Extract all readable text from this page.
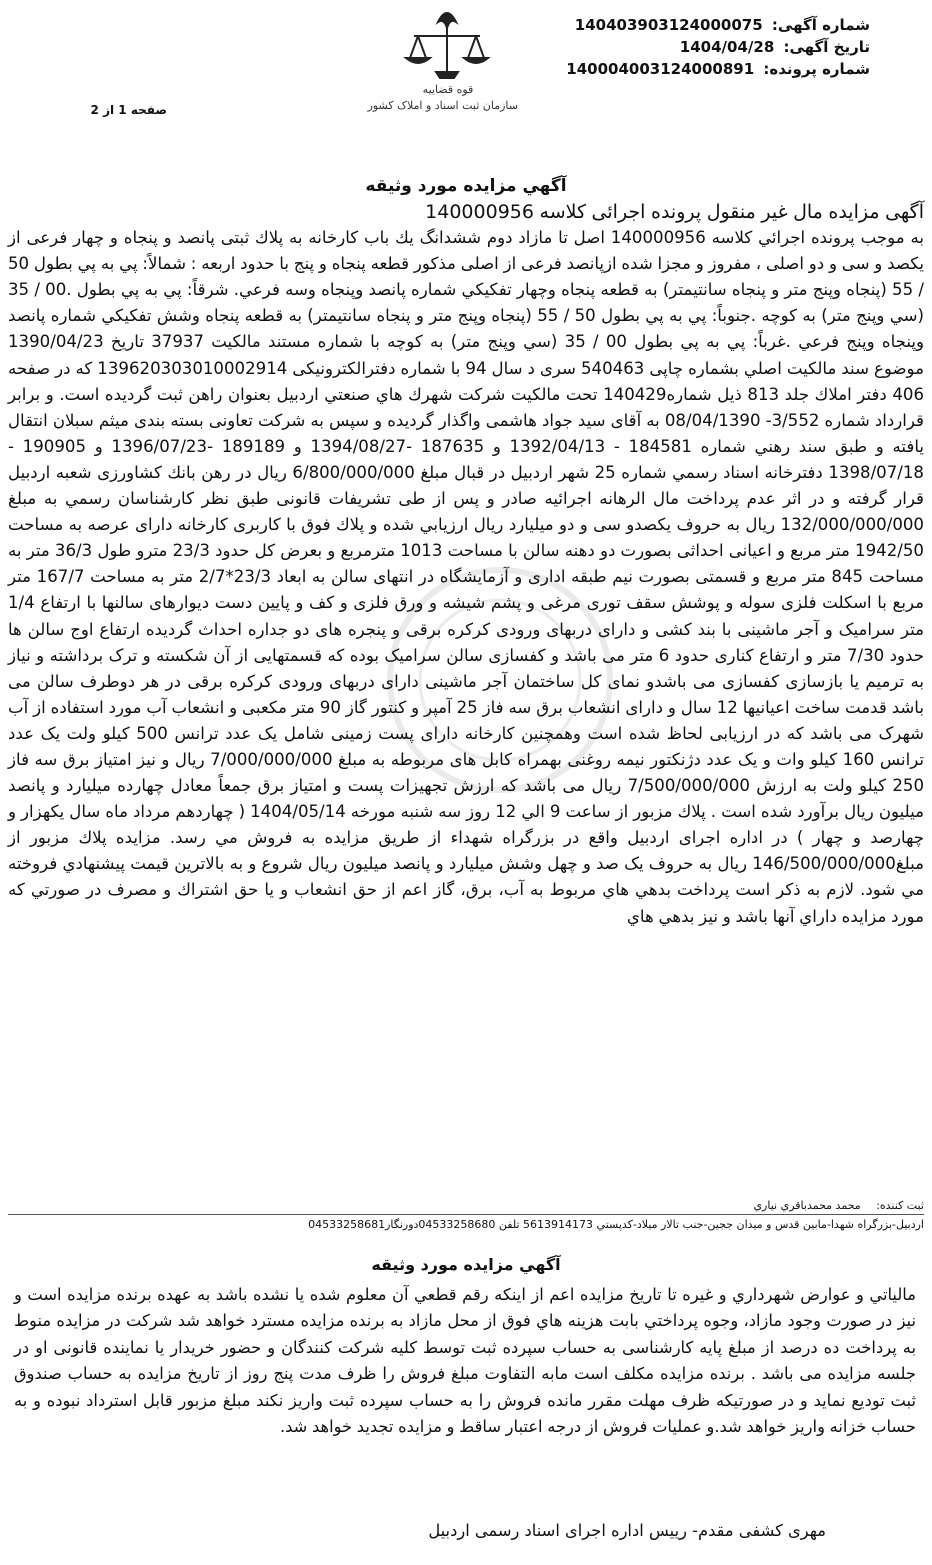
شماره آگهی: 140403903124000075
تاریخ آگهی: 1404/04/28
شماره پرونده: 140004003124000891
صفحه 1 از 2
قوه قضاییه
سازمان ثبت اسناد و املاک کشور
آگهي مزايده مورد وثيقه

آگهی مزايده مال غير منقول پرونده اجرائی کلاسه 140000956

به موجب پرونده اجرائي كلاسه 140000956 اصل تا مازاد دوم ششدانگ يك باب كارخانه به پلاك ثبتی پانصد و پنجاه و چهار فرعی از يکصد و سی و دو اصلی ، مفروز و مجزا شده ازپانصد فرعی از اصلی مذکور قطعه پنجاه و پنج با حدود اربعه : شمالاً: پي به پي بطول 50 / 55 (پنجاه وپنج متر و پنجاه سانتيمتر) به قطعه پنجاه وچهار تفكيكي شماره پانصد وپنجاه وسه فرعي. شرقاً: پي به پي بطول .00 / 35 (سي وپنج متر) به كوچه .جنوباً: پي به پي بطول 50 / 55 (پنجاه وپنج متر و پنجاه سانتيمتر) به قطعه پنجاه وشش تفكيكي شماره پانصد وپنجاه وپنج فرعي .غرباً: پي به پي بطول 00 / 35 (سي وپنج متر) به كوچه با شماره مستند مالكيت 37937 تاريخ 1390/04/23 موضوع سند مالكيت اصلي بشماره چاپی 540463 سری د سال 94 با شماره دفترالکترونیکی 139620303010002914 که در صفحه 406 دفتر املاك جلد 813 ذيل شماره140429 تحت مالكيت شركت شهرك هاي صنعتي اردبيل بعنوان راهن ثبت گرديده است. و برابر قرارداد شماره 3/552- 08/04/1390 به آقای سيد جواد هاشمی واگذار گرديده و سپس به شركت تعاونی بسته بندی ميثم سبلان انتقال يافته و طبق سند رهني شماره 184581 - 1392/04/13 و 187635 -1394/08/27 و 189189 -1396/07/23 و 190905 - 1398/07/18 دفترخانه اسناد رسمي شماره 25 شهر اردبيل در قبال مبلغ 6/800/000/000 ريال در رهن بانك كشاورزی شعبه اردبيل قرار گرفته و در اثر عدم پرداخت مال الرهانه اجرائيه صادر و پس از طی تشريفات قانونی طبق نظر كارشناسان رسمي به مبلغ 132/000/000/000 ريال به حروف يکصدو سی و دو ميليارد ريال ارزيابي شده و پلاك فوق با كاربری كارخانه دارای عرصه به مساحت 1942/50 متر مربع و اعيانی احداثی بصورت دو دهنه سالن با مساحت 1013 مترمربع و بعرض كل حدود 23/3 مترو طول 36/3 متر به مساحت 845 متر مربع و قسمتی بصورت نيم طبقه اداری و آزمايشگاه در انتهای سالن به ابعاد 23/3*2/7 متر به مساحت 167/7 متر مربع با اسكلت فلزی سوله و پوشش سقف توری مرغی و پشم شيشه و ورق فلزی و كف و پايين دست ديوارهای سالنها با ارتفاع 1/4 متر سراميک و آجر ماشينی با بند كشی و دارای دربهای ورودی كركره برقی و پنجره های دو جداره احداث گرديده ارتفاع اوج سالن ها حدود 7/30 متر و ارتفاع كناری حدود 6 متر می باشد و كفسازی سالن سراميک بوده كه قسمتهايی از آن شكسته و ترک برداشته و نياز به ترميم يا بازسازی كفسازی می باشدو نمای كل ساختمان آجر ماشينی دارای دربهای ورودی كركره برقی در هر دوطرف سالن می باشد قدمت ساخت اعيانيها 12 سال و دارای انشعاب برق سه فاز 25 آمپر و كنتور گاز 90 متر مكعبی و انشعاب آب مورد استفاده از آب شهرک می باشد كه در ارزيابی لحاظ شده است وهمچنين كارخانه دارای پست زمينی شامل يک عدد ترانس 500 كيلو ولت يک عدد ترانس 160 كيلو وات و يک عدد دژنكتور نيمه روغنی بهمراه كابل های مربوطه به مبلغ 7/000/000/000 ريال و نيز امتياز برق سه فاز 250 كيلو ولت به ارزش 7/500/000/000 ريال می باشد كه ارزش تجهيزات پست و امتياز برق جمعاً معادل چهارده ميليارد و پانصد ميليون ريال برآورد شده است . پلاك مزبور از ساعت 9 الي 12 روز سه شنبه مورخه 1404/05/14 ( چهاردهم مرداد ماه سال يكهزار و چهارصد و چهار ) در اداره اجرای اردبيل واقع در بزرگراه شهداء از طريق مزايده به فروش مي رسد. مزايده پلاك مزبور از مبلغ146/500/000/000 ريال به حروف يک صد و چهل وشش ميليارد و پانصد ميليون ريال شروع و به بالاترين قيمت پيشنهادي فروخته مي شود. لازم به ذكر است پرداخت بدهي هاي مربوط به آب، برق، گاز اعم از حق انشعاب و يا حق اشتراك و مصرف در صورتي كه مورد مزايده داراي آنها باشد و نيز بدهي هاي

ثبت کننده: محمد محمدباقري نياري
اردبيل-بزرگراه شهدا-مابين قدس و ميدان ججين-جنب تالار ميلاد-کدپستي 5613914173 تلفن 04533258680دورنگار04533258681
آگهي مزايده مورد وثيقه

مالياتي و عوارض شهرداري و غيره تا تاريخ مزايده اعم از اينكه رقم قطعي آن معلوم شده يا نشده باشد به عهده برنده مزايده است و نيز در صورت وجود مازاد، وجوه پرداختي بابت هزينه هاي فوق از محل مازاد به برنده مزايده مسترد خواهد شد شركت در مزايده منوط به پرداخت ده درصد از مبلغ پايه كارشناسی به حساب سپرده ثبت توسط كليه شركت كنندگان و حضور خريدار يا نماينده قانونی او در جلسه مزايده می باشد . برنده مزايده مكلف است مابه التفاوت مبلغ فروش را ظرف مدت پنج روز از تاريخ مزايده به حساب صندوق ثبت توديع نمايد و در صورتيكه ظرف مهلت مقرر مانده فروش را به حساب سپرده ثبت واريز نكند مبلغ مزبور قابل استرداد نبوده و به حساب خزانه واريز خواهد شد.و عمليات فروش از درجه اعتبار ساقط و مزايده تجديد خواهد شد.

مهری كشفی مقدم- رييس اداره اجرای اسناد رسمی اردبيل
